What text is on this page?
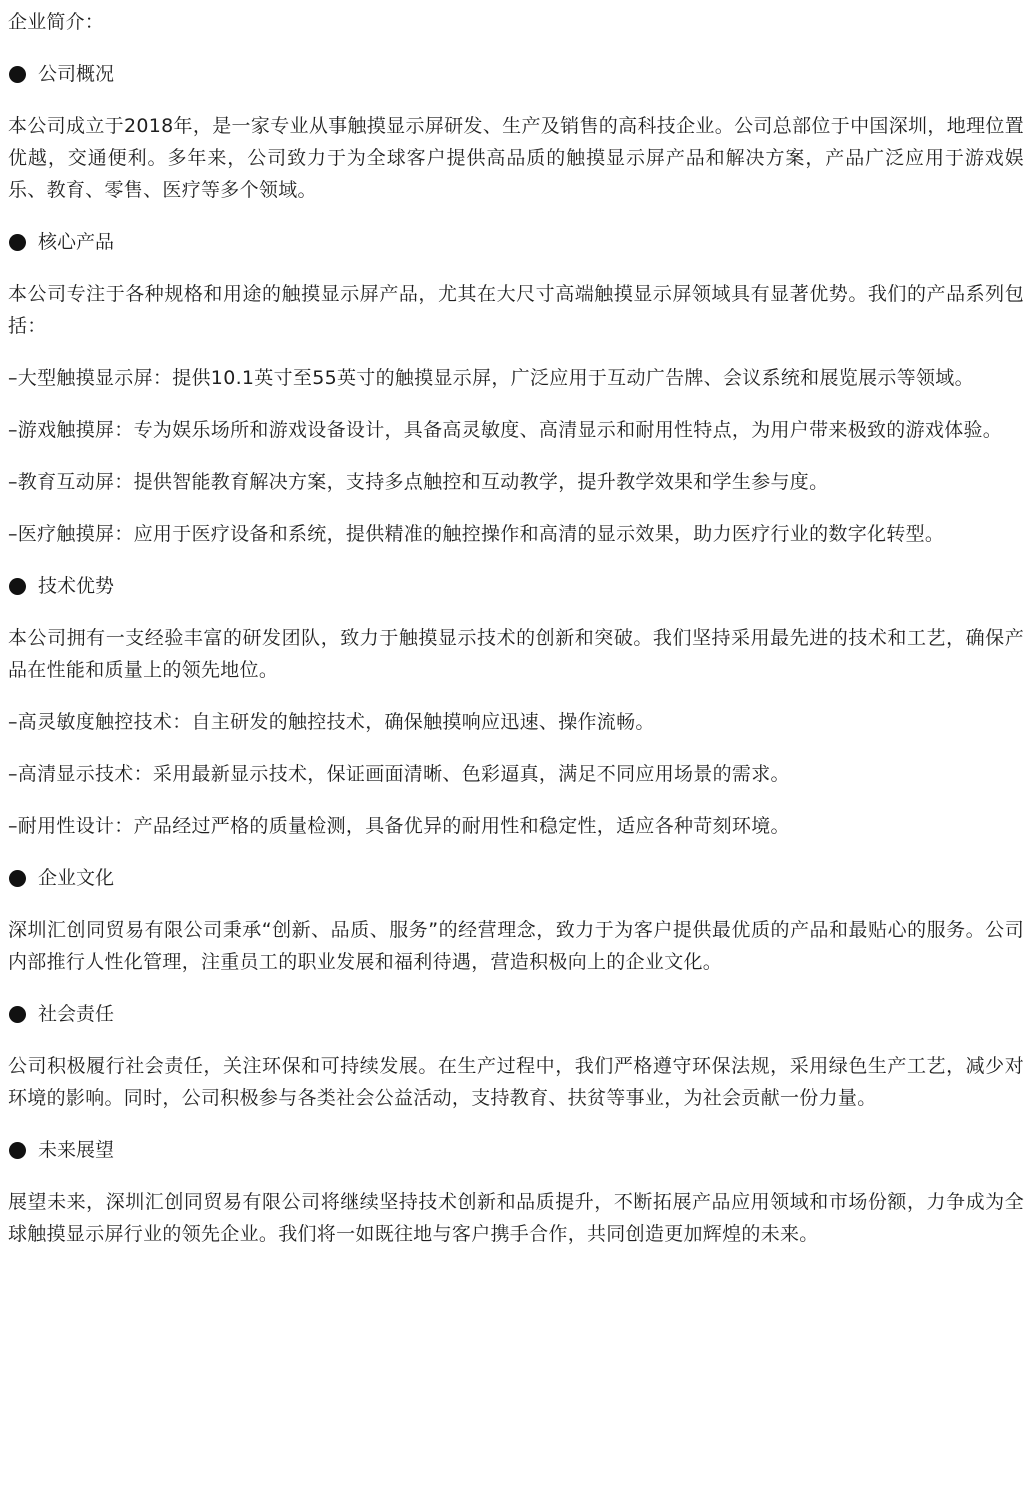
企业简介：
公司概况

本公司成立于2018年，是一家专业从事触摸显示屏研发、生产及销售的高科技企业。公司总部位于中国深圳，地理位置优越，交通便利。多年来，公司致力于为全球客户提供高品质的触摸显示屏产品和解决方案，产品广泛应用于游戏娱乐、教育、零售、医疗等多个领域。

核心产品

本公司专注于各种规格和用途的触摸显示屏产品，尤其在大尺寸高端触摸显示屏领域具有显著优势。我们的产品系列包括：

–大型触摸显示屏：提供10.1英寸至55英寸的触摸显示屏，广泛应用于互动广告牌、会议系统和展览展示等领域。

–游戏触摸屏：专为娱乐场所和游戏设备设计，具备高灵敏度、高清显示和耐用性特点，为用户带来极致的游戏体验。

–教育互动屏：提供智能教育解决方案，支持多点触控和互动教学，提升教学效果和学生参与度。

–医疗触摸屏：应用于医疗设备和系统，提供精准的触控操作和高清的显示效果，助力医疗行业的数字化转型。

技术优势

本公司拥有一支经验丰富的研发团队，致力于触摸显示技术的创新和突破。我们坚持采用最先进的技术和工艺，确保产品在性能和质量上的领先地位。

–高灵敏度触控技术：自主研发的触控技术，确保触摸响应迅速、操作流畅。

–高清显示技术：采用最新显示技术，保证画面清晰、色彩逼真，满足不同应用场景的需求。

–耐用性设计：产品经过严格的质量检测，具备优异的耐用性和稳定性，适应各种苛刻环境。

企业文化

深圳汇创同贸易有限公司秉承“创新、品质、服务”的经营理念，致力于为客户提供最优质的产品和最贴心的服务。公司内部推行人性化管理，注重员工的职业发展和福利待遇，营造积极向上的企业文化。

社会责任

公司积极履行社会责任，关注环保和可持续发展。在生产过程中，我们严格遵守环保法规，采用绿色生产工艺，减少对环境的影响。同时，公司积极参与各类社会公益活动，支持教育、扶贫等事业，为社会贡献一份力量。

未来展望

展望未来，深圳汇创同贸易有限公司将继续坚持技术创新和品质提升，不断拓展产品应用领域和市场份额，力争成为全球触摸显示屏行业的领先企业。我们将一如既往地与客户携手合作，共同创造更加辉煌的未来。
